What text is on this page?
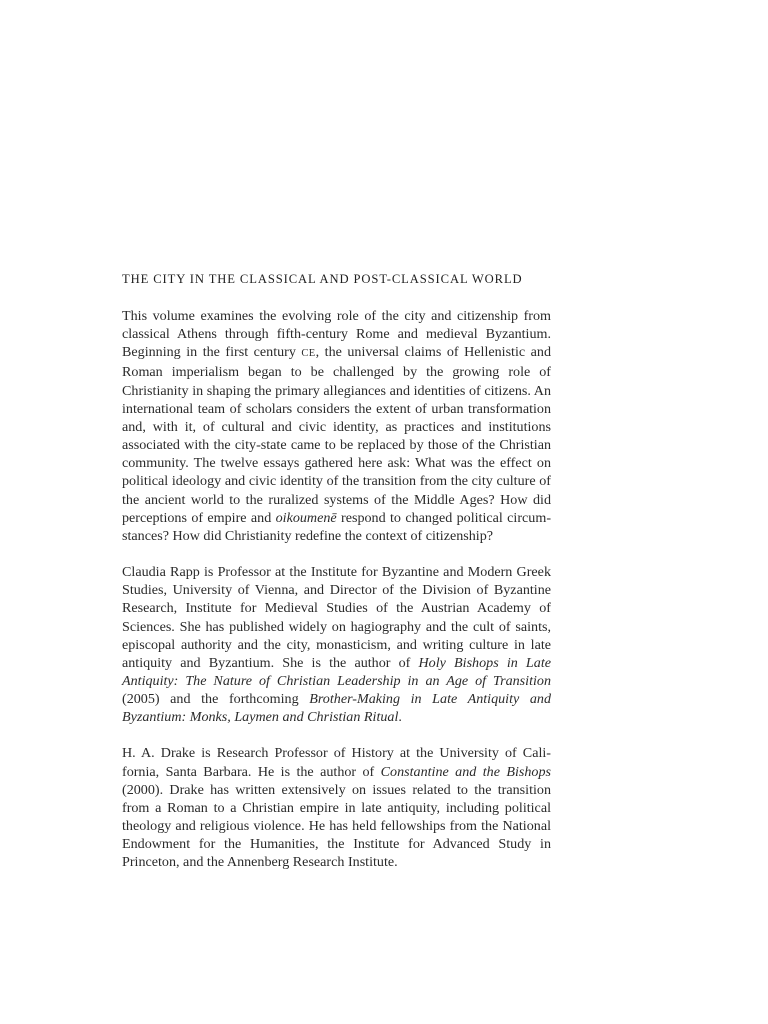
THE CITY IN THE CLASSICAL AND POST-CLASSICAL WORLD

This volume examines the evolving role of the city and citizenship from classical Athens through fifth-century Rome and medieval Byzantium. Beginning in the first century CE, the universal claims of Hellenistic and Roman imperialism began to be challenged by the growing role of Christianity in shaping the primary allegiances and identities of citizens. An international team of scholars considers the extent of urban transformation and, with it, of cultural and civic identity, as practices and institutions associated with the city-state came to be replaced by those of the Christian community. The twelve essays gathered here ask: What was the effect on political ideology and civic identity of the transition from the city culture of the ancient world to the ruralized systems of the Middle Ages? How did perceptions of empire and oikoumenē respond to changed political circumstances? How did Christianity redefine the context of citizenship?

Claudia Rapp is Professor at the Institute for Byzantine and Modern Greek Studies, University of Vienna, and Director of the Division of Byzantine Research, Institute for Medieval Studies of the Austrian Academy of Sciences. She has published widely on hagiography and the cult of saints, episcopal authority and the city, monasticism, and writing culture in late antiquity and Byzantium. She is the author of Holy Bishops in Late Antiquity: The Nature of Christian Leadership in an Age of Transition (2005) and the forthcoming Brother-Making in Late Antiquity and Byzantium: Monks, Laymen and Christian Ritual.

H. A. Drake is Research Professor of History at the University of California, Santa Barbara. He is the author of Constantine and the Bishops (2000). Drake has written extensively on issues related to the transition from a Roman to a Christian empire in late antiquity, including political theology and religious violence. He has held fellowships from the National Endowment for the Humanities, the Institute for Advanced Study in Princeton, and the Annenberg Research Institute.
